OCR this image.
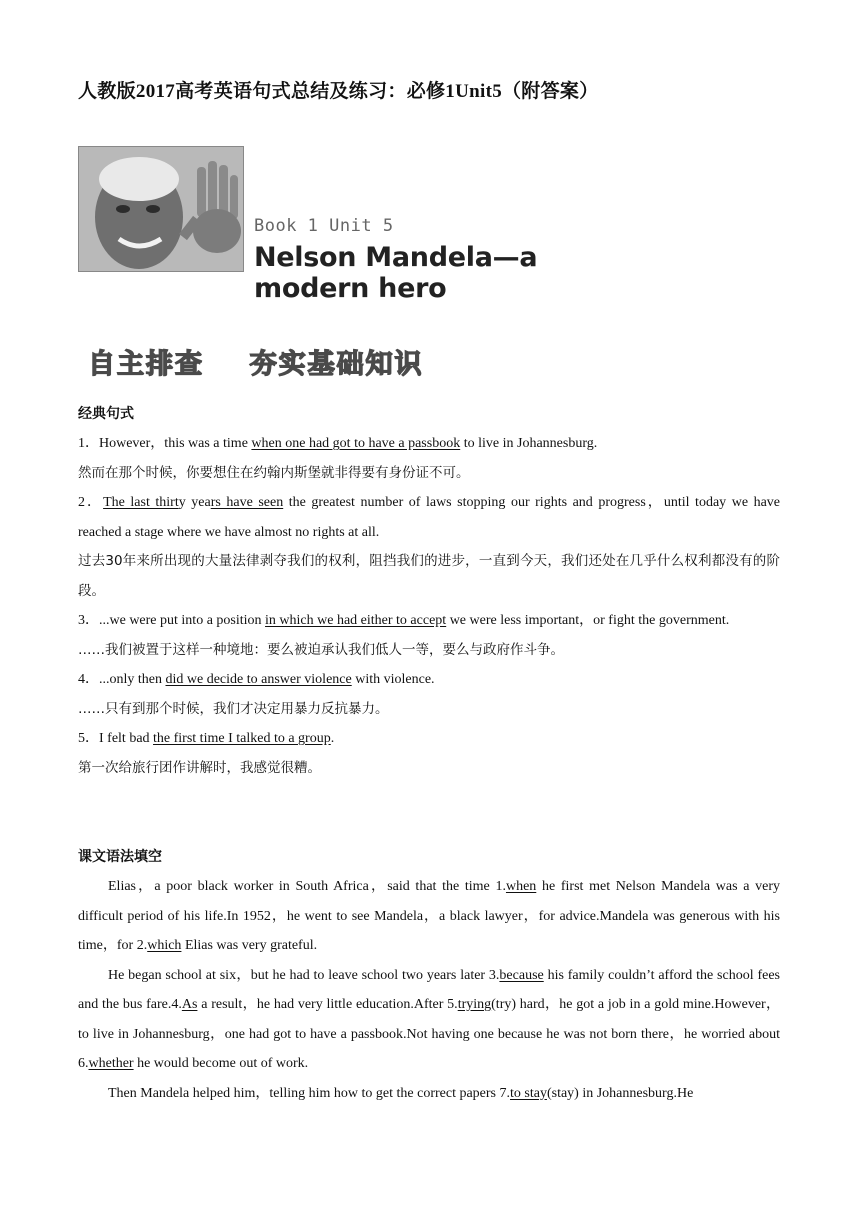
人教版2017高考英语句式总结及练习：必修1Unit5（附答案）
Book 1 Unit 5
Nelson Mandela—a modern hero
自主排查    夯实基础知识

经典句式

1．However，this was a time when one had got to have a passbook to live in Johannesburg.

然而在那个时候，你要想住在约翰内斯堡就非得要有身份证不可。

2．The last thirty years have seen the greatest number of laws stopping our rights and progress，until today we have reached a stage where we have almost no rights at all.

过去30年来所出现的大量法律剥夺我们的权利，阻挡我们的进步，一直到今天，我们还处在几乎什么权利都没有的阶段。

3．...we were put into a position in which we had either to accept we were less important，or fight the government.

……我们被置于这样一种境地：要么被迫承认我们低人一等，要么与政府作斗争。

4．...only then did we decide to answer violence with violence.

……只有到那个时候，我们才决定用暴力反抗暴力。

5．I felt bad the first time I talked to a group.

第一次给旅行团作讲解时，我感觉很糟。

课文语法填空

Elias，a poor black worker in South Africa，said that the time 1.when he first met Nelson Mandela was a very difficult period of his life.In 1952，he went to see Mandela，a black lawyer，for advice.Mandela was generous with his time，for 2.which Elias was very grateful.

He began school at six，but he had to leave school two years later 3.because his family couldn’t afford the school fees and the bus fare.4.As a result，he had very little education.After 5.trying(try) hard，he got a job in a gold mine.However，to live in Johannesburg，one had got to have a passbook.Not having one because he was not born there，he worried about 6.whether he would become out of work.

Then Mandela helped him，telling him how to get the correct papers 7.to stay(stay) in Johannesburg.He
